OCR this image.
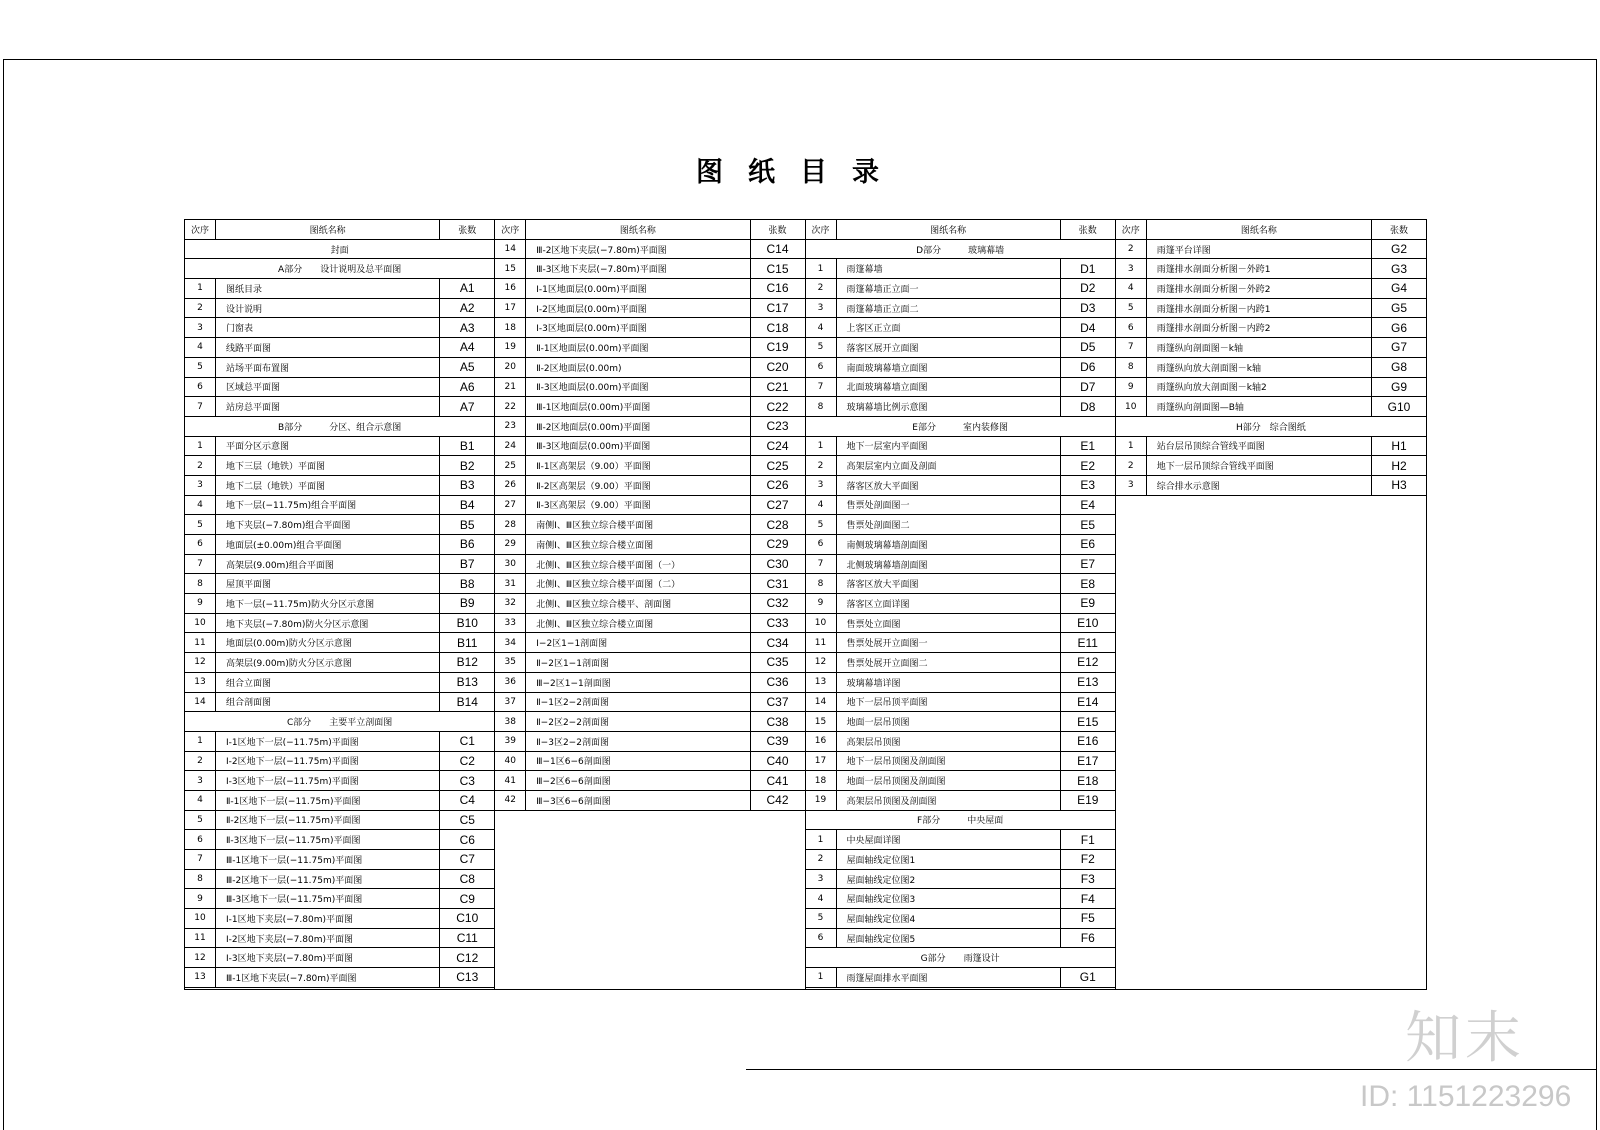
图纸目录
次序	图纸名称	张数
封面
A部分　　设计说明及总平面图
1	图纸目录	A1
2	设计说明	A2
3	门窗表	A3
4	线路平面图	A4
5	站场平面布置图	A5
6	区域总平面图	A6
7	站房总平面图	A7
B部分　　　分区、组合示意图
1	平面分区示意图	B1
2	地下三层（地铁）平面图	B2
3	地下二层（地铁）平面图	B3
4	地下一层(−11.75m)组合平面图	B4
5	地下夹层(−7.80m)组合平面图	B5
6	地面层(±0.00m)组合平面图	B6
7	高架层(9.00m)组合平面图	B7
8	屋顶平面图	B8
9	地下一层(−11.75m)防火分区示意图	B9
10	地下夹层(−7.80m)防火分区示意图	B10
11	地面层(0.00m)防火分区示意图	B11
12	高架层(9.00m)防火分区示意图	B12
13	组合立面图	B13
14	组合剖面图	B14
C部分　　主要平立剖面图
1	Ⅰ-1区地下一层(−11.75m)平面图	C1
2	Ⅰ-2区地下一层(−11.75m)平面图	C2
3	Ⅰ-3区地下一层(−11.75m)平面图	C3
4	Ⅱ-1区地下一层(−11.75m)平面图	C4
5	Ⅱ-2区地下一层(−11.75m)平面图	C5
6	Ⅱ-3区地下一层(−11.75m)平面图	C6
7	Ⅲ-1区地下一层(−11.75m)平面图	C7
8	Ⅲ-2区地下一层(−11.75m)平面图	C8
9	Ⅲ-3区地下一层(−11.75m)平面图	C9
10	Ⅰ-1区地下夹层(−7.80m)平面图	C10
11	Ⅰ-2区地下夹层(−7.80m)平面图	C11
12	Ⅰ-3区地下夹层(−7.80m)平面图	C12
13	Ⅲ-1区地下夹层(−7.80m)平面图	C13
次序	图纸名称	张数
14	Ⅲ-2区地下夹层(−7.80m)平面图	C14
15	Ⅲ-3区地下夹层(−7.80m)平面图	C15
16	Ⅰ-1区地面层(0.00m)平面图	C16
17	Ⅰ-2区地面层(0.00m)平面图	C17
18	Ⅰ-3区地面层(0.00m)平面图	C18
19	Ⅱ-1区地面层(0.00m)平面图	C19
20	Ⅱ-2区地面层(0.00m)	C20
21	Ⅱ-3区地面层(0.00m)平面图	C21
22	Ⅲ-1区地面层(0.00m)平面图	C22
23	Ⅲ-2区地面层(0.00m)平面图	C23
24	Ⅲ-3区地面层(0.00m)平面图	C24
25	Ⅱ-1区高架层（9.00）平面图	C25
26	Ⅱ-2区高架层（9.00）平面图	C26
27	Ⅱ-3区高架层（9.00）平面图	C27
28	南侧Ⅰ、Ⅲ区独立综合楼平面图	C28
29	南侧Ⅰ、Ⅲ区独立综合楼立面图	C29
30	北侧Ⅰ、Ⅲ区独立综合楼平面图（一）	C30
31	北侧Ⅰ、Ⅲ区独立综合楼平面图（二）	C31
32	北侧Ⅰ、Ⅲ区独立综合楼平、剖面图	C32
33	北侧Ⅰ、Ⅲ区独立综合楼立面图	C33
34	Ⅰ−2区1−1剖面图	C34
35	Ⅱ−2区1−1剖面图	C35
36	Ⅲ−2区1−1剖面图	C36
37	Ⅱ−1区2−2剖面图	C37
38	Ⅱ−2区2−2剖面图	C38
39	Ⅱ−3区2−2剖面图	C39
40	Ⅲ−1区6−6剖面图	C40
41	Ⅲ−2区6−6剖面图	C41
42	Ⅲ−3区6−6剖面图	C42
次序	图纸名称	张数
D部分　　　玻璃幕墙
1	雨篷幕墙	D1
2	雨篷幕墙正立面一	D2
3	雨篷幕墙正立面二	D3
4	上客区正立面	D4
5	落客区展开立面图	D5
6	南面玻璃幕墙立面图	D6
7	北面玻璃幕墙立面图	D7
8	玻璃幕墙比例示意图	D8
E部分　　　室内装修图
1	地下一层室内平面图	E1
2	高架层室内立面及剖面	E2
3	落客区放大平面图	E3
4	售票处剖面图一	E4
5	售票处剖面图二	E5
6	南侧玻璃幕墙剖面图	E6
7	北侧玻璃幕墙剖面图	E7
8	落客区放大平面图	E8
9	落客区立面详图	E9
10	售票处立面图	E10
11	售票处展开立面图一	E11
12	售票处展开立面图二	E12
13	玻璃幕墙详图	E13
14	地下一层吊顶平面图	E14
15	地面一层吊顶图	E15
16	高架层吊顶图	E16
17	地下一层吊顶图及剖面图	E17
18	地面一层吊顶图及剖面图	E18
19	高架层吊顶图及剖面图	E19
F部分　　　中央屋面
1	中央屋面详图	F1
2	屋面轴线定位图1	F2
3	屋面轴线定位图2	F3
4	屋面轴线定位图3	F4
5	屋面轴线定位图4	F5
6	屋面轴线定位图5	F6
G部分　　雨篷设计
1	雨篷屋面排水平面图	G1
次序	图纸名称	张数
2	雨篷平台详图	G2
3	雨篷排水剖面分析图－外跨1	G3
4	雨篷排水剖面分析图－外跨2	G4
5	雨篷排水剖面分析图－内跨1	G5
6	雨篷排水剖面分析图－内跨2	G6
7	雨篷纵向剖面图－k轴	G7
8	雨篷纵向放大剖面图－k轴	G8
9	雨篷纵向放大剖面图－k轴2	G9
10	雨篷纵向剖面图—B轴	G10
H部分　综合图纸
1	站台层吊顶综合管线平面图	H1
2	地下一层吊顶综合管线平面图	H2
3	综合排水示意图	H3
知末
ID: 1151223296
